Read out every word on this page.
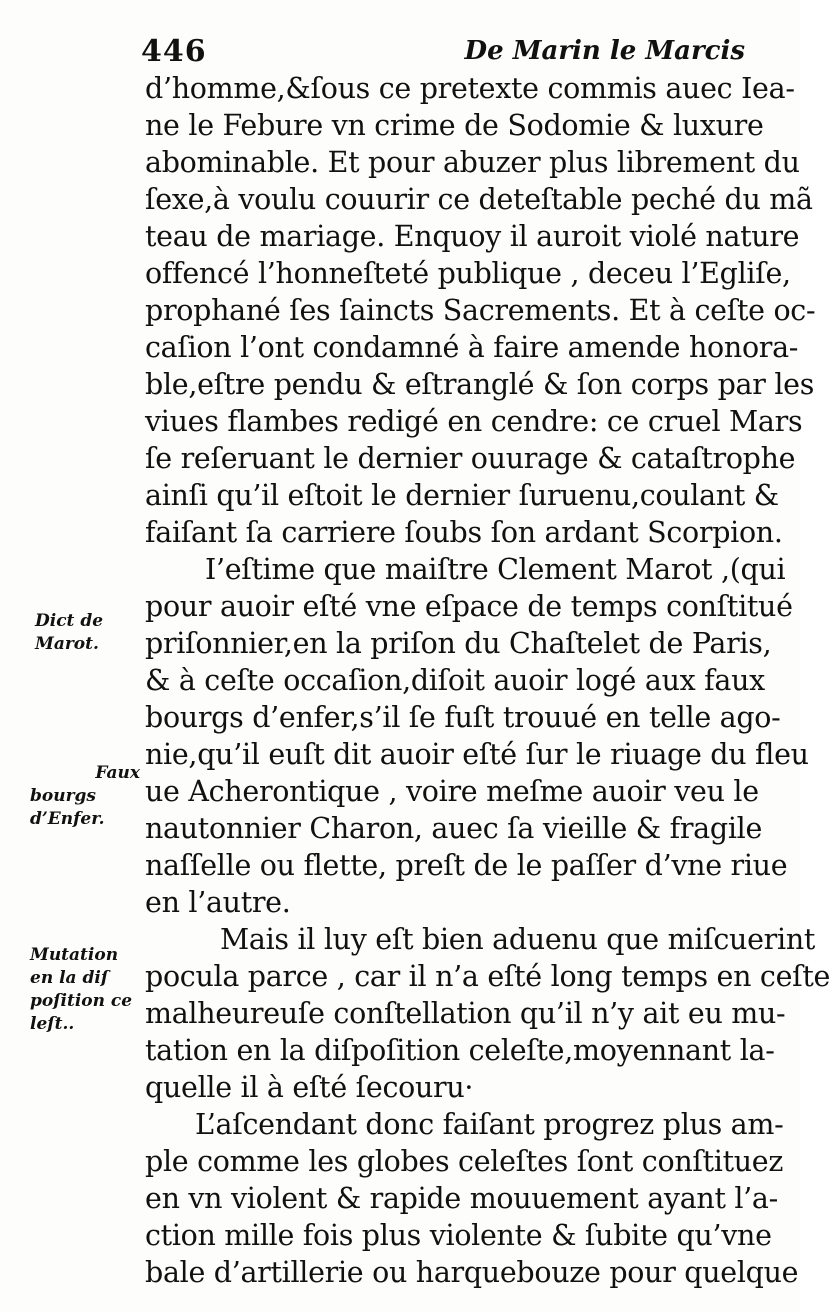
446	De Marin le Marcis
d’homme,&ſous ce pretexte commis auec Iea-
ne le Febure vn crime de Sodomie & luxure
abominable. Et pour abuzer plus librement du
ſexe,à voulu couurir ce deteſtable peché du mã
teau de mariage. Enquoy il auroit violé nature
offencé l’honneſteté publique , deceu l’Egliſe,
prophané ſes ſaincts Sacrements. Et à ceſte oc-
caſion l’ont condamné à faire amende honora-
ble,eſtre pendu & eſtranglé & ſon corps par les
viues flambes redigé en cendre: ce cruel Mars
ſe reſeruant le dernier ouurage & cataſtrophe
ainſi qu’il eſtoit le dernier ſuruenu,coulant &
faiſant ſa carriere ſoubs ſon ardant Scorpion.
I’eſtime que maiſtre Clement Marot ,(qui
pour auoir eſté vne eſpace de temps conſtitué
priſonnier,en la priſon du Chaſtelet de Paris,
& à ceſte occaſion,diſoit auoir logé aux faux
bourgs d’enfer,s’il ſe fuſt trouué en telle ago-
nie,qu’il euſt dit auoir eſté ſur le riuage du fleu
ue Acherontique , voire meſme auoir veu le
nautonnier Charon, auec ſa vieille & fragile
naſſelle ou flette, preſt de le paſſer d’vne riue
en l’autre.
Mais il luy eſt bien aduenu que miſcuerint
pocula parce , car il n’a eſté long temps en ceſte
malheureuſe conſtellation qu’il n’y ait eu mu-
tation en la diſpoſition celeſte,moyennant la-
quelle il à eſté ſecouru·
L’aſcendant donc faiſant progrez plus am-
ple comme les globes celeſtes ſont conſtituez
en vn violent & rapide mouuement ayant l’a-
ction mille fois plus violente & ſubite qu’vne
bale d’artillerie ou harquebouze pour quelque
Dict de
Marot.
Faux
bourgs
d’Enfer.
Mutation
en la diſ
poſition ce
leſt..
